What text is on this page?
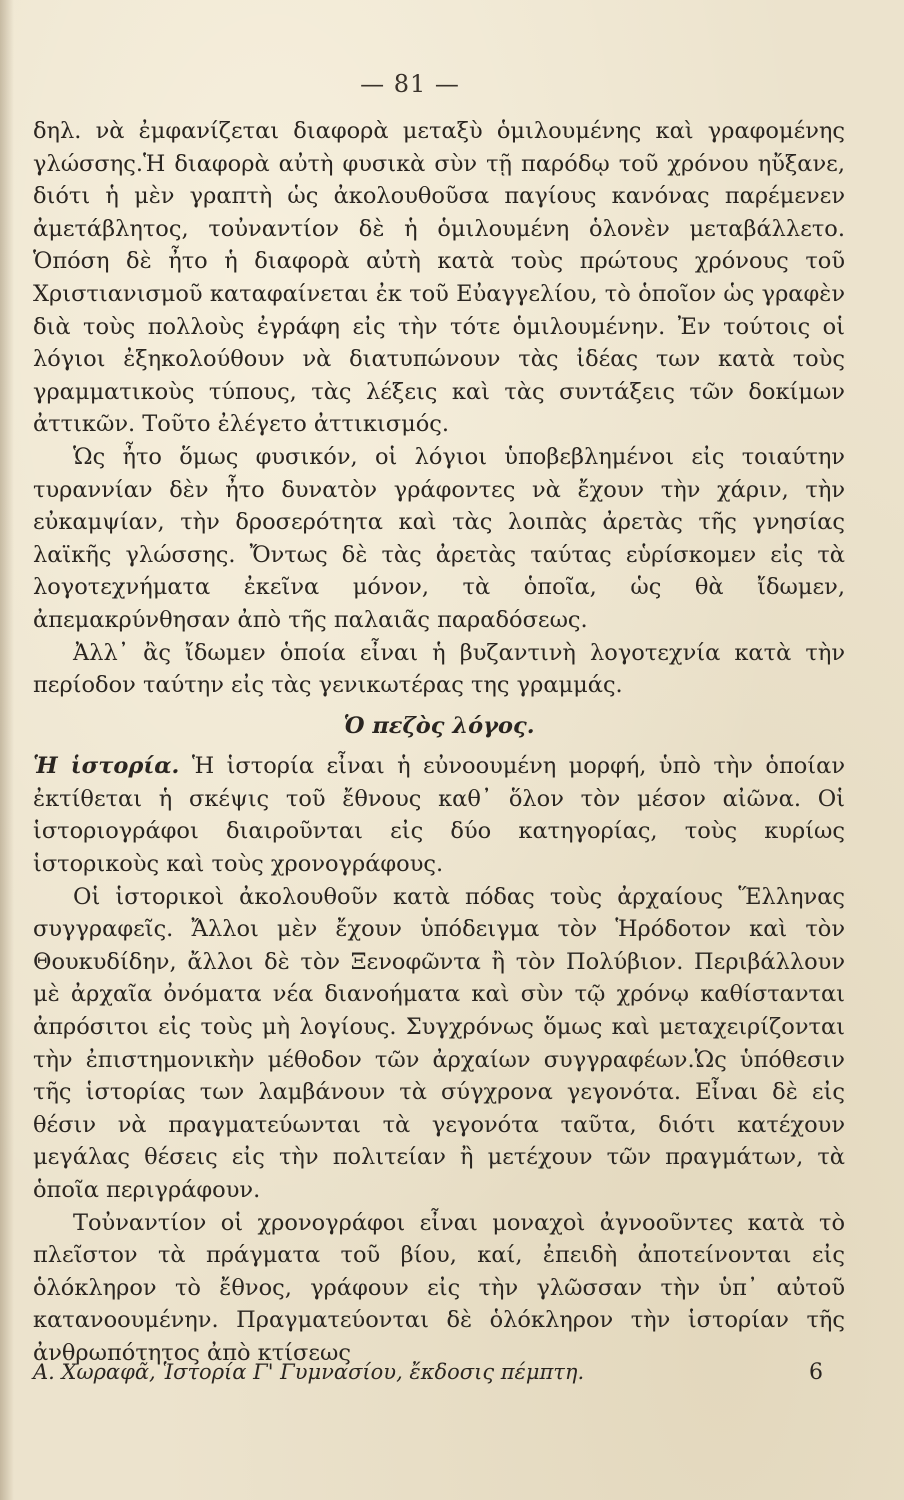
— 81 —

δηλ. νὰ ἐμφανίζεται διαφορὰ μεταξὺ ὁμιλουμένης καὶ γραφομένης γλώσσης.Ἡ διαφορὰ αὐτὴ φυσικὰ σὺν τῇ παρόδῳ τοῦ χρόνου ηὔξανε, διότι ἡ μὲν γραπτὴ ὡς ἀκολουθοῦσα παγίους κανόνας παρέμενεν ἀμετάβλητος, τοὐναντίον δὲ ἡ ὁμιλουμένη ὁλονὲν μεταβάλλετο. Ὁπόση δὲ ἦτο ἡ διαφορὰ αὐτὴ κατὰ τοὺς πρώτους χρόνους τοῦ Χριστιανισμοῦ καταφαίνεται ἐκ τοῦ Εὐαγγελίου, τὸ ὁποῖον ὡς γραφὲν διὰ τοὺς πολλοὺς ἐγράφη εἰς τὴν τότε ὁμιλουμένην. Ἐν τούτοις οἱ λόγιοι ἐξηκολούθουν νὰ διατυπώνουν τὰς ἰδέας των κατὰ τοὺς γραμματικοὺς τύπους, τὰς λέξεις καὶ τὰς συντάξεις τῶν δοκίμων ἀττικῶν. Τοῦτο ἐλέγετο ἀττικισμός.

Ὡς ἦτο ὅμως φυσικόν, οἱ λόγιοι ὑποβεβλημένοι εἰς τοιαύτην τυραννίαν δὲν ἦτο δυνατὸν γράφοντες νὰ ἔχουν τὴν χάριν, τὴν εὐκαμψίαν, τὴν δροσερότητα καὶ τὰς λοιπὰς ἀρετὰς τῆς γνησίας λαϊκῆς γλώσσης. Ὄντως δὲ τὰς ἀρετὰς ταύτας εὑρίσκομεν εἰς τὰ λογοτεχνήματα ἐκεῖνα μόνον, τὰ ὁποῖα, ὡς θὰ ἴδωμεν, ἀπεμακρύνθησαν ἀπὸ τῆς παλαιᾶς παραδόσεως.

Ἀλλ᾿ ἂς ἴδωμεν ὁποία εἶναι ἡ βυζαντινὴ λογοτεχνία κατὰ τὴν περίοδον ταύτην εἰς τὰς γενικωτέρας της γραμμάς.

Ὁ πεζὸς λόγος.

Ἡ ἱστορία. Ἡ ἱστορία εἶναι ἡ εὐνοουμένη μορφή, ὑπὸ τὴν ὁποίαν ἐκτίθεται ἡ σκέψις τοῦ ἔθνους καθ᾿ ὅλον τὸν μέσον αἰῶνα. Οἱ ἱστοριογράφοι διαιροῦνται εἰς δύο κατηγορίας, τοὺς κυρίως ἱστορικοὺς καὶ τοὺς χρονογράφους.

Οἱ ἱστορικοὶ ἀκολουθοῦν κατὰ πόδας τοὺς ἀρχαίους Ἕλληνας συγγραφεῖς. Ἄλλοι μὲν ἔχουν ὑπόδειγμα τὸν Ἡρόδοτον καὶ τὸν Θουκυδίδην, ἄλλοι δὲ τὸν Ξενοφῶντα ἢ τὸν Πολύβιον. Περιβάλλουν μὲ ἀρχαῖα ὀνόματα νέα διανοήματα καὶ σὺν τῷ χρόνῳ καθίστανται ἀπρόσιτοι εἰς τοὺς μὴ λογίους. Συγχρόνως ὅμως καὶ μεταχειρίζονται τὴν ἐπιστημονικὴν μέθοδον τῶν ἀρχαίων συγγραφέων.Ὡς ὑπόθεσιν τῆς ἱστορίας των λαμβάνουν τὰ σύγχρονα γεγονότα. Εἶναι δὲ εἰς θέσιν νὰ πραγματεύωνται τὰ γεγονότα ταῦτα, διότι κατέχουν μεγάλας θέσεις εἰς τὴν πολιτείαν ἢ μετέχουν τῶν πραγμάτων, τὰ ὁποῖα περιγράφουν.

Τοὐναντίον οἱ χρονογράφοι εἶναι μοναχοὶ ἀγνοοῦντες κατὰ τὸ πλεῖστον τὰ πράγματα τοῦ βίου, καί, ἐπειδὴ ἀποτείνονται εἰς ὁλόκληρον τὸ ἔθνος, γράφουν εἰς τὴν γλῶσσαν τὴν ὑπ᾿ αὐτοῦ κατανοουμένην. Πραγματεύονται δὲ ὁλόκληρον τὴν ἱστορίαν τῆς ἀνθρωπότητος ἀπὸ κτίσεως

Α. Χωραφᾶ, Ἱστορία Γ' Γυμνασίου, ἔκδοσις πέμπτη.	6
